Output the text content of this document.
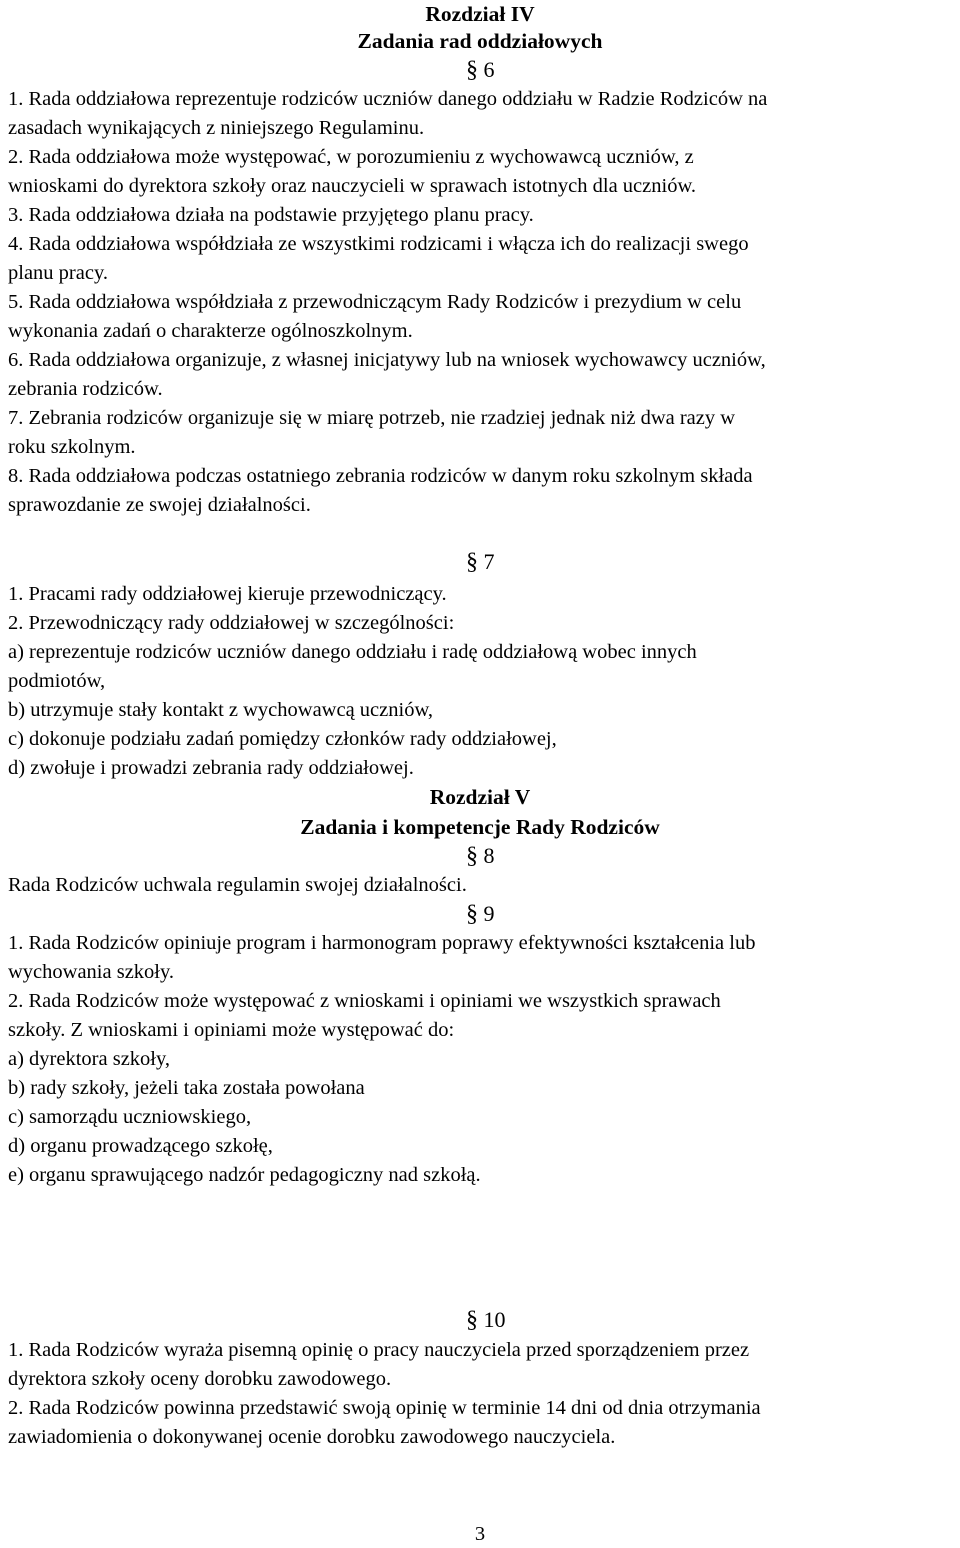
Rozdział IV
Zadania rad oddziałowych
§ 6
1. Rada oddziałowa reprezentuje rodziców uczniów danego oddziału w Radzie Rodziców na
zasadach wynikających z niniejszego Regulaminu.
2. Rada oddziałowa może występować, w porozumieniu z wychowawcą uczniów, z
wnioskami do dyrektora szkoły oraz nauczycieli w sprawach istotnych dla uczniów.
3. Rada oddziałowa działa na podstawie przyjętego planu pracy.
4. Rada oddziałowa współdziała ze wszystkimi rodzicami i włącza ich do realizacji swego
planu pracy.
5. Rada oddziałowa współdziała z przewodniczącym Rady Rodziców i prezydium w celu
wykonania zadań o charakterze ogólnoszkolnym.
6. Rada oddziałowa organizuje, z własnej inicjatywy lub na wniosek wychowawcy uczniów,
zebrania rodziców.
7. Zebrania rodziców organizuje się w miarę potrzeb, nie rzadziej jednak niż dwa razy w
roku szkolnym.
8. Rada oddziałowa podczas ostatniego zebrania rodziców w danym roku szkolnym składa
sprawozdanie ze swojej działalności.
§ 7
1. Pracami rady oddziałowej kieruje przewodniczący.
2. Przewodniczący rady oddziałowej w szczególności:
a) reprezentuje rodziców uczniów danego oddziału i radę oddziałową wobec innych
podmiotów,
b) utrzymuje stały kontakt z wychowawcą uczniów,
c) dokonuje podziału zadań pomiędzy członków rady oddziałowej,
d) zwołuje i prowadzi zebrania rady oddziałowej.
Rozdział V
Zadania i kompetencje Rady Rodziców
§ 8
Rada Rodziców uchwala regulamin swojej działalności.
§ 9
1. Rada Rodziców opiniuje program i harmonogram poprawy efektywności kształcenia lub
wychowania szkoły.
2. Rada Rodziców może występować z wnioskami i opiniami we wszystkich sprawach
szkoły. Z wnioskami i opiniami może występować do:
a) dyrektora szkoły,
b) rady szkoły, jeżeli taka została powołana
c) samorządu uczniowskiego,
d) organu prowadzącego szkołę,
e) organu sprawującego nadzór pedagogiczny nad szkołą.
§ 10
1. Rada Rodziców wyraża pisemną opinię o pracy nauczyciela przed sporządzeniem przez
dyrektora szkoły oceny dorobku zawodowego.
2. Rada Rodziców powinna przedstawić swoją opinię w terminie 14 dni od dnia otrzymania
zawiadomienia o dokonywanej ocenie dorobku zawodowego nauczyciela.
3
